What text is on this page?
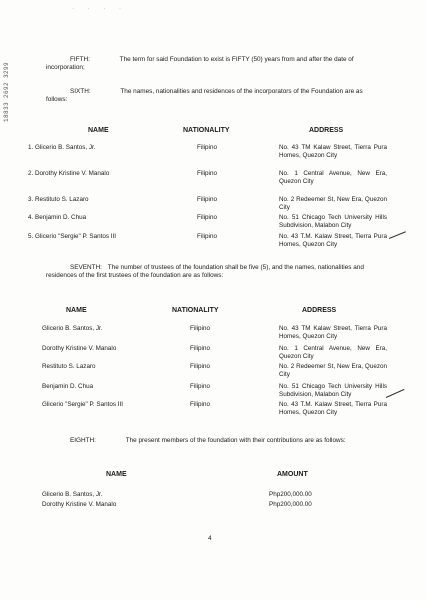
· · · ·
18833 2692 3299
FIFTH:	The term for said Foundation to exist is FIFTY (50) years from and after the date of incorporation;
SIXTH:	The names, nationalities and residences of the incorporators of the Foundation are as follows:
NAME	NATIONALITY	ADDRESS
1. Glicerio B. Santos, Jr.	Filipino	No. 43 TM Kalaw Street, Tierra Pura Homes, Quezon City
2. Dorothy Kristine V. Manalo	Filipino	No. 1 Central Avenue, New Era, Quezon City
3. Restituto S. Lazaro	Filipino	No. 2 Redeemer St, New Era, Quezon City
4. Benjamin D. Chua	Filipino	No. 51 Chicago Tech University Hills Subdivision, Malabon City
5. Glicerio "Sergie" P. Santos III	Filipino	No. 43 T.M. Kalaw Street, Tierra Pura Homes, Quezon City
SEVENTH: The number of trustees of the foundation shall be five (5), and the names, nationalities and residences of the first trustees of the foundation are as follows:
NAME	NATIONALITY	ADDRESS
Glicerio B. Santos, Jr.	Filipino	No. 43 TM Kalaw Street, Tierra Pura Homes, Quezon City
Dorothy Kristine V. Manalo	Filipino	No. 1 Central Avenue, New Era, Quezon City
Restituto S. Lazaro	Filipino	No. 2 Redeemer St, New Era, Quezon City
Benjamin D. Chua	Filipino	No. 51 Chicago Tech University Hills Subdivision, Malabon City
Glicerio "Sergie" P. Santos III	Filipino	No. 43 T.M. Kalaw Street, Tierra Pura Homes, Quezon City
EIGHTH:	The present members of the foundation with their contributions are as follows:
NAME	AMOUNT
Glicerio B. Santos, Jr.	Php200,000.00
Dorothy Kristine V. Manalo	Php200,000.00
4
